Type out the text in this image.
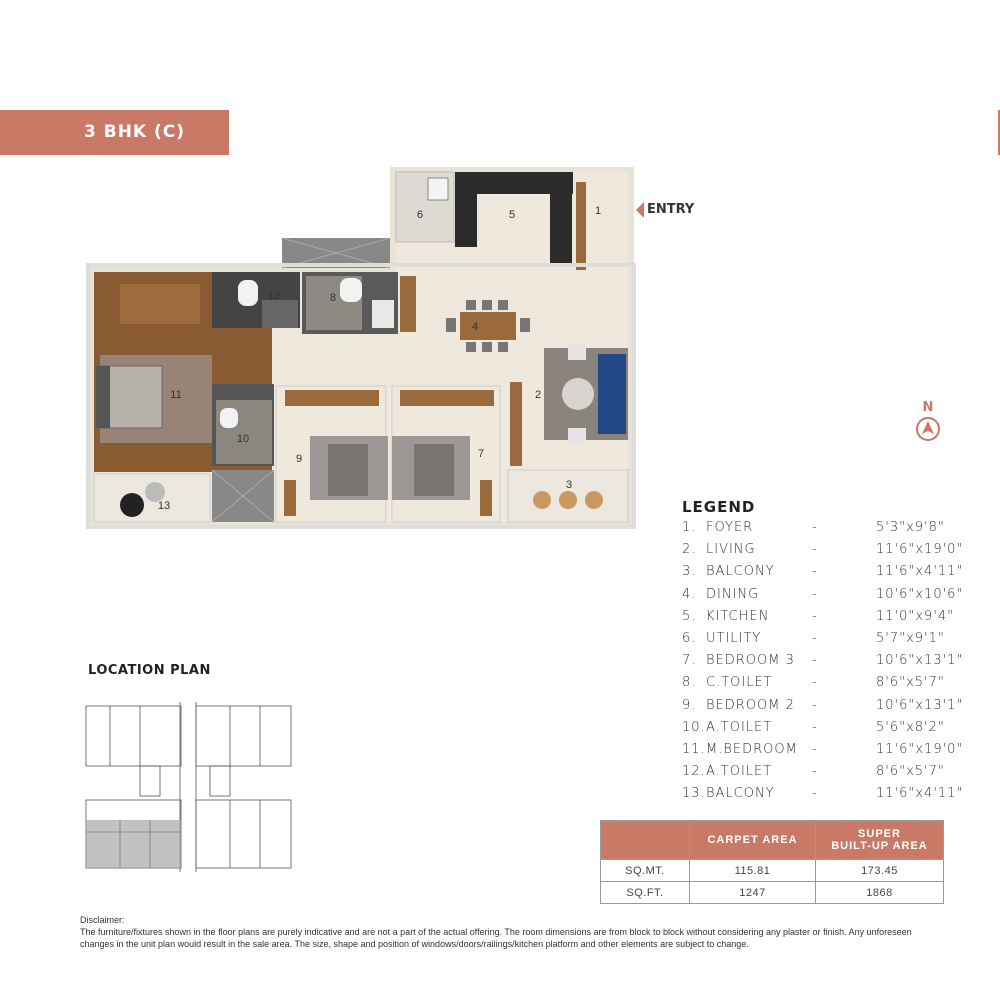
3 BHK (C)
1
2
3
4
5
6
7
8
9
10
11
12
13
ENTRY
N
LEGEND
1. FOYER	-	5'3"x9'8"
2. LIVING	-	11'6"x19'0"
3. BALCONY	-	11'6"x4'11"
4. DINING	-	10'6"x10'6"
5. KITCHEN	-	11'0"x9'4"
6. UTILITY	-	5'7"x9'1"
7. BEDROOM 3 -	10'6"x13'1"
8. C.TOILET	-	8'6"x5'7"
9. BEDROOM 2 -	10'6"x13'1"
10. A.TOILET	-	5'6"x8'2"
11. M.BEDROOM -	11'6"x19'0"
12. A.TOILET	-	8'6"x5'7"
13. BALCONY	-	11'6"x4'11"
LOCATION PLAN
	CARPET AREA	SUPER
BUILT-UP AREA
SQ.MT.	115.81	173.45
SQ.FT.	1247	1868
Disclaimer:
The furniture/fixtures shown in the floor plans are purely indicative and are not a part of the actual offering. The room dimensions are from block to block without considering any plaster or finish. Any unforeseen changes in the unit plan would result in the sale area. The size, shape and position of windows/doors/railings/kitchen platform and other elements are subject to change.
